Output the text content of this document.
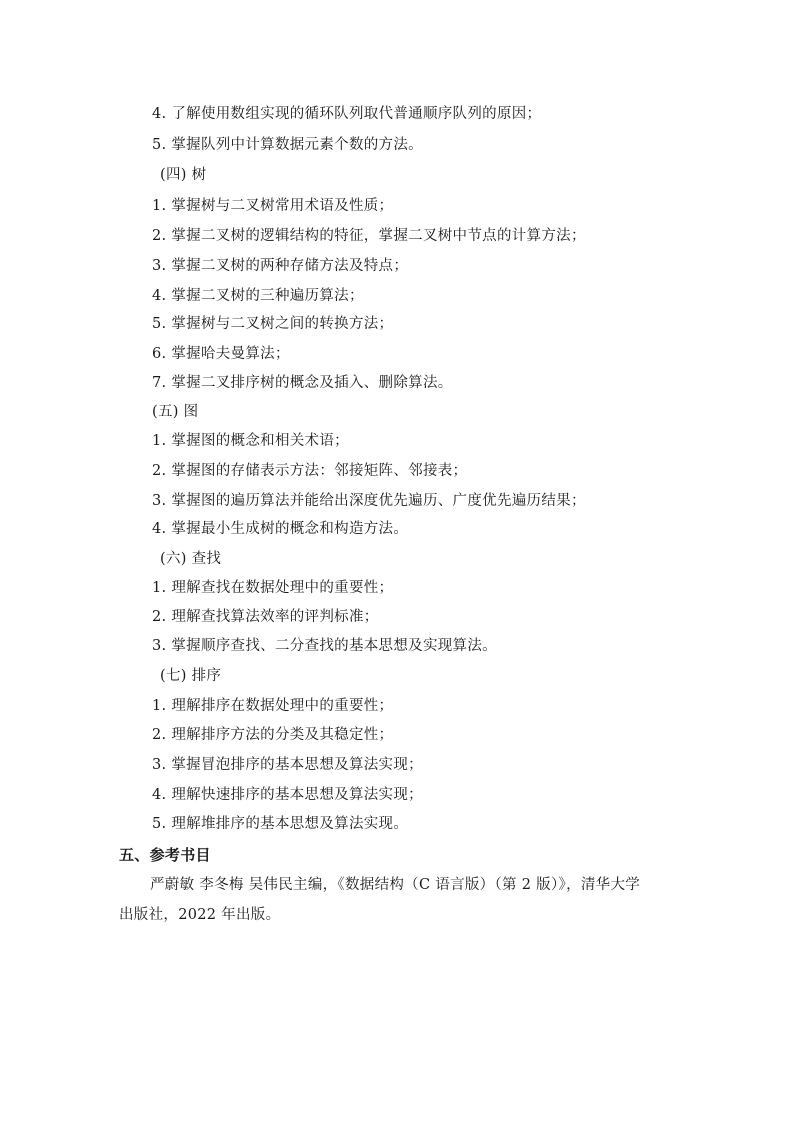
4. 了解使用数组实现的循环队列取代普通顺序队列的原因；
5. 掌握队列中计算数据元素个数的方法。
(四) 树
1. 掌握树与二叉树常用术语及性质；
2. 掌握二叉树的逻辑结构的特征，掌握二叉树中节点的计算方法；
3. 掌握二叉树的两种存储方法及特点；
4. 掌握二叉树的三种遍历算法；
5. 掌握树与二叉树之间的转换方法；
6. 掌握哈夫曼算法；
7. 掌握二叉排序树的概念及插入、删除算法。
(五) 图
1. 掌握图的概念和相关术语；
2. 掌握图的存储表示方法：邻接矩阵、邻接表；
3. 掌握图的遍历算法并能给出深度优先遍历、广度优先遍历结果；
4. 掌握最小生成树的概念和构造方法。
(六) 查找
1. 理解查找在数据处理中的重要性；
2. 理解查找算法效率的评判标准；
3. 掌握顺序查找、二分查找的基本思想及实现算法。
(七) 排序
1. 理解排序在数据处理中的重要性；
2. 理解排序方法的分类及其稳定性；
3. 掌握冒泡排序的基本思想及算法实现；
4. 理解快速排序的基本思想及算法实现；
5. 理解堆排序的基本思想及算法实现。
五、参考书目
严蔚敏 李冬梅 吴伟民主编，《数据结构（C 语言版）（第 2 版）》，清华大学
出版社，2022 年出版。
